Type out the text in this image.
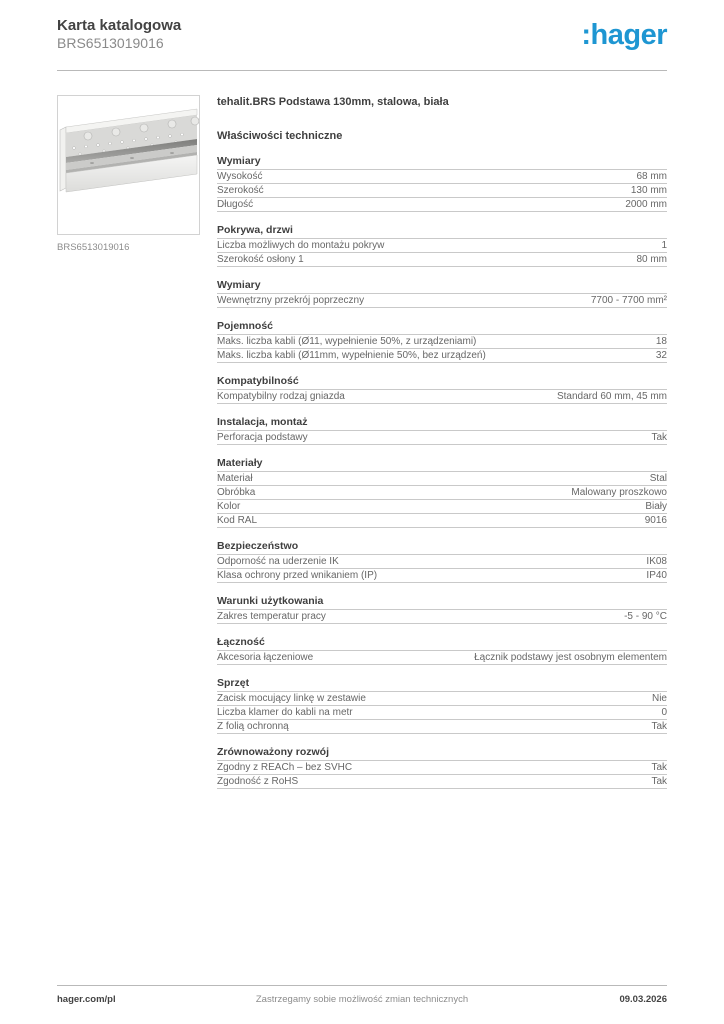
Karta katalogowa
BRS6513019016	:hager
BRS6513019016
tehalit.BRS Podstawa 130mm, stalowa, biała
Właściwości techniczne
Wymiary
Wysokość	68 mm
Szerokość	130 mm
Długość	2000 mm
Pokrywa, drzwi
Liczba możliwych do montażu pokryw	1
Szerokość osłony 1	80 mm
Wymiary
Wewnętrzny przekrój poprzeczny	7700 - 7700 mm²
Pojemność
Maks. liczba kabli (Ø11, wypełnienie 50%, z urządzeniami)	18
Maks. liczba kabli (Ø11mm, wypełnienie 50%, bez urządzeń)	32
Kompatybilność
Kompatybilny rodzaj gniazda	Standard 60 mm, 45 mm
Instalacja, montaż
Perforacja podstawy	Tak
Materiały
Materiał	Stal
Obróbka	Malowany proszkowo
Kolor	Biały
Kod RAL	9016
Bezpieczeństwo
Odporność na uderzenie IK	IK08
Klasa ochrony przed wnikaniem (IP)	IP40
Warunki użytkowania
Zakres temperatur pracy	-5 - 90 °C
Łączność
Akcesoria łączeniowe	Łącznik podstawy jest osobnym elementem
Sprzęt
Zacisk mocujący linkę w zestawie	Nie
Liczba klamer do kabli na metr	0
Z folią ochronną	Tak
Zrównoważony rozwój
Zgodny z REACh – bez SVHC	Tak
Zgodność z RoHS	Tak
hager.com/pl	Zastrzegamy sobie możliwość zmian technicznych	09.03.2026
